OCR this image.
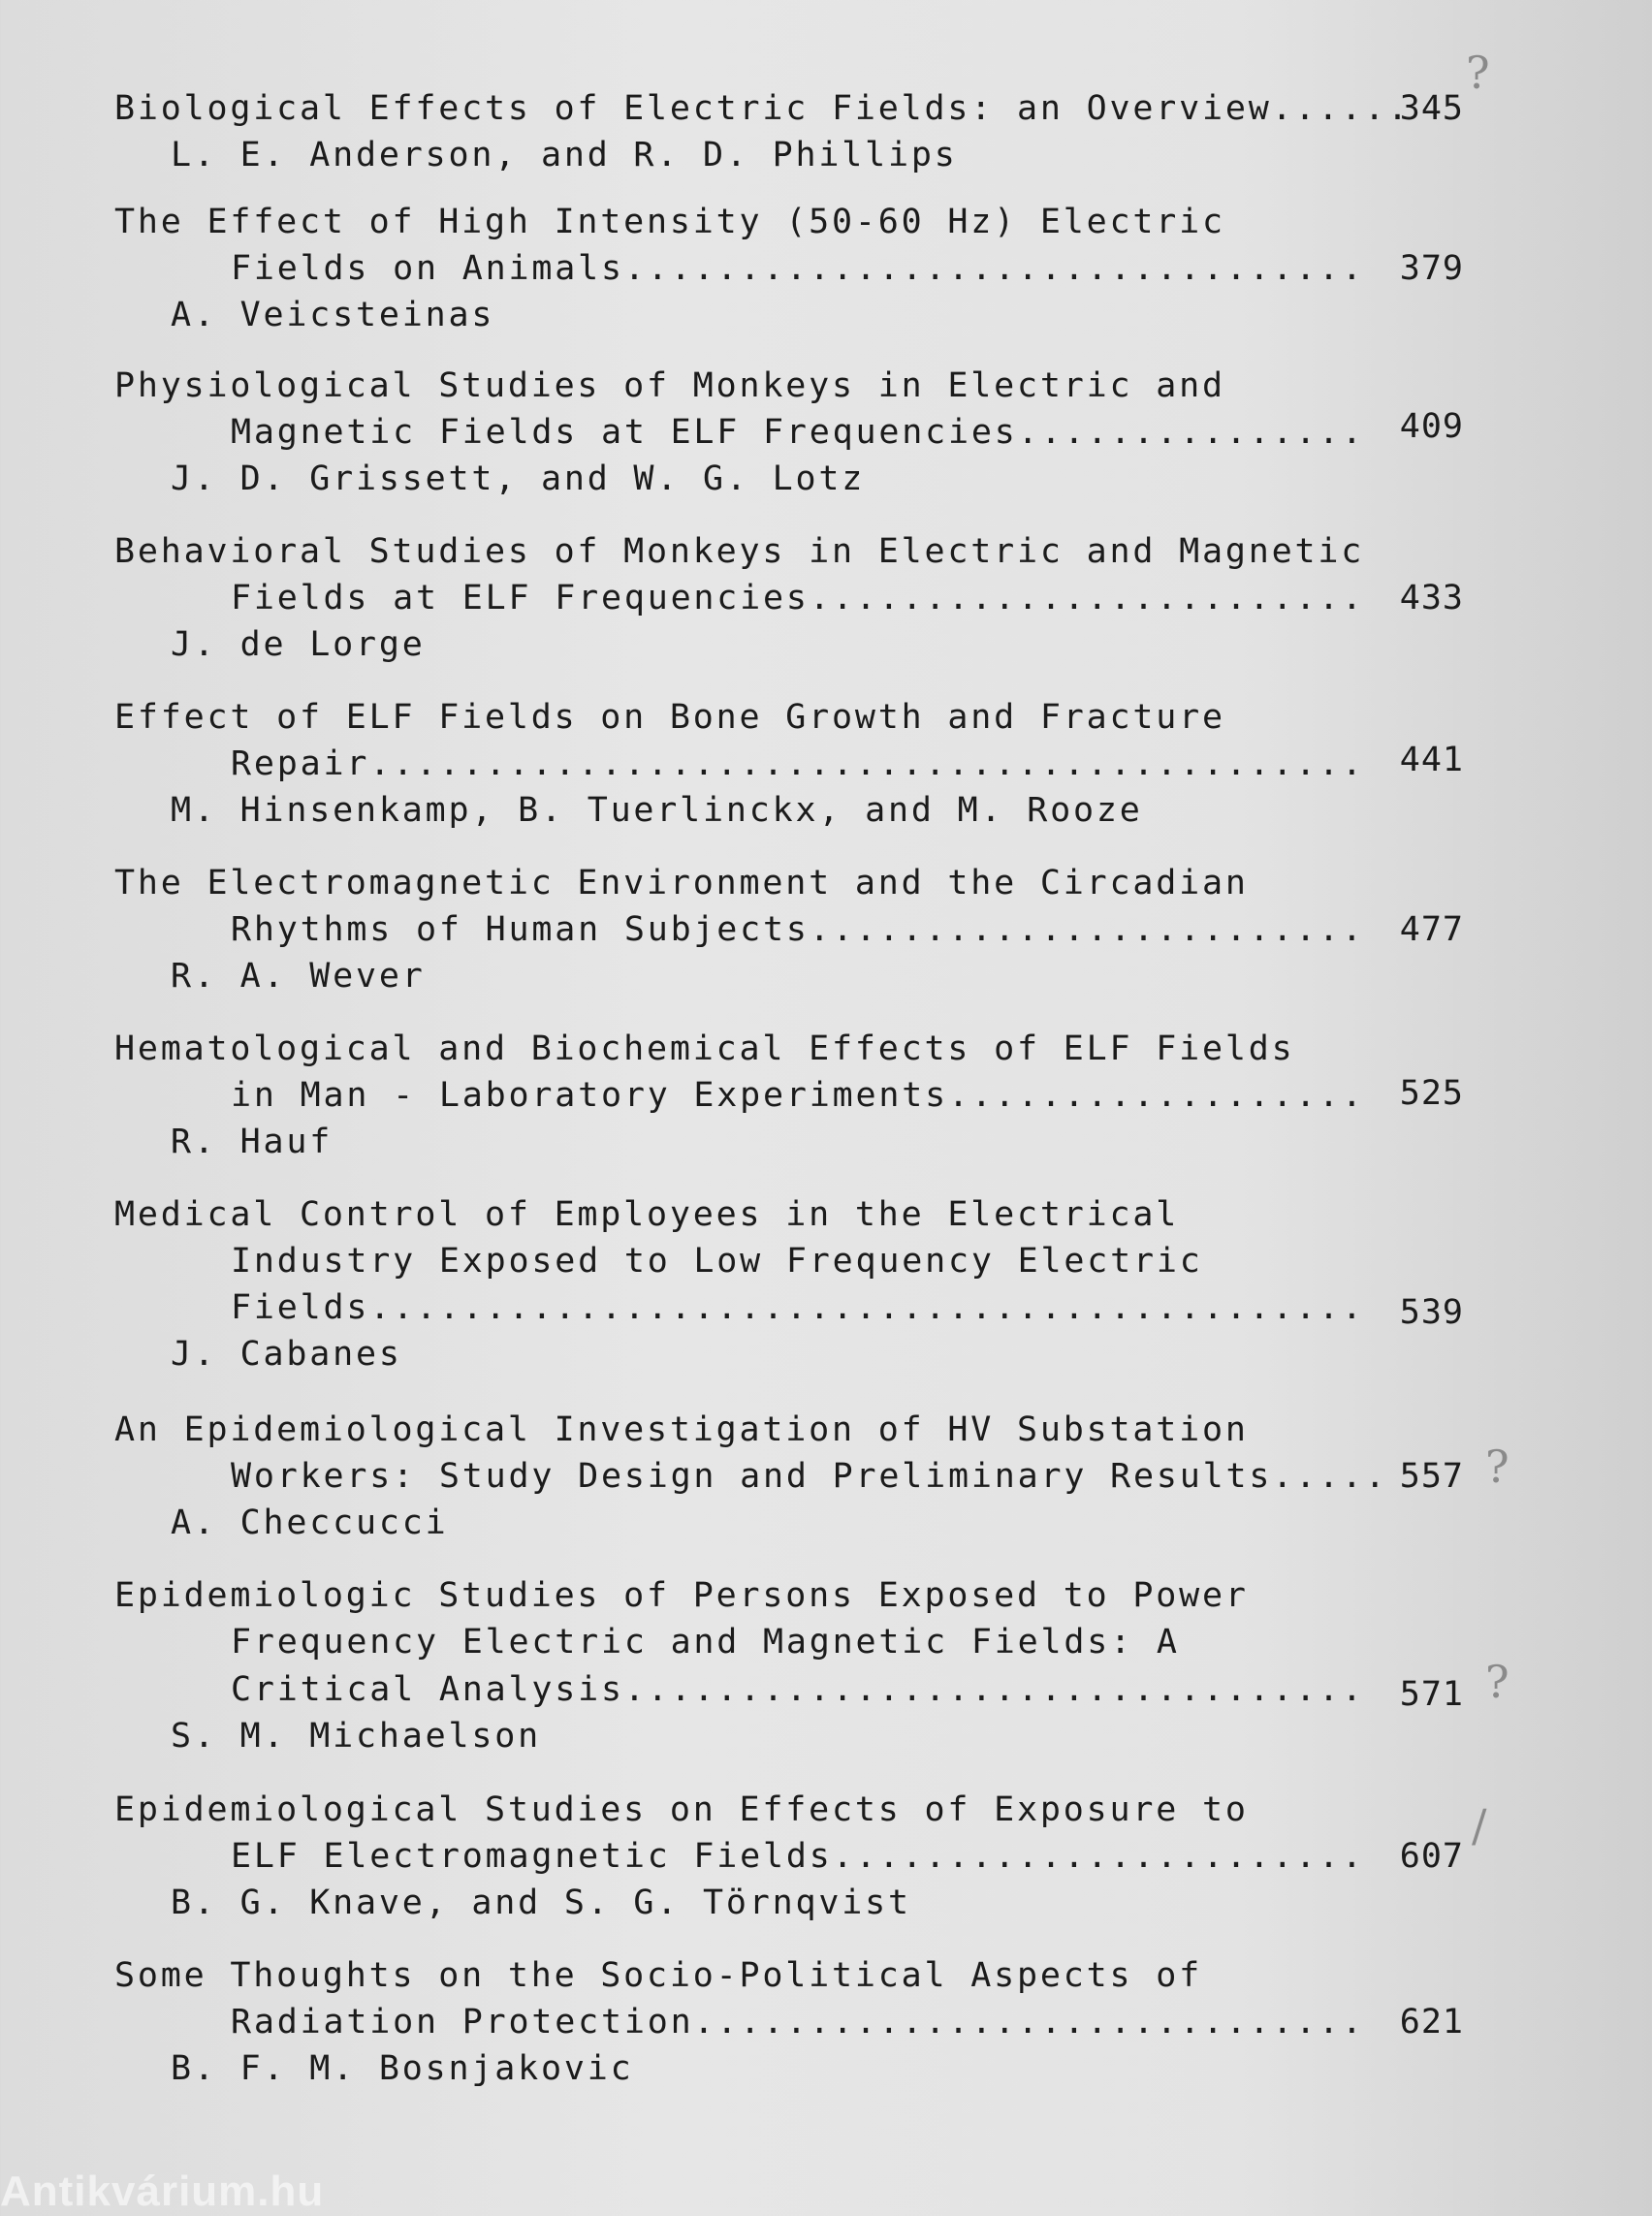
Biological Effects of Electric Fields: an Overview......
L. E. Anderson, and R. D. Phillips
345
The Effect of High Intensity (50-60 Hz) Electric
Fields on Animals................................
A. Veicsteinas
379
Physiological Studies of Monkeys in Electric and
Magnetic Fields at ELF Frequencies...............
J. D. Grissett, and W. G. Lotz
409
Behavioral Studies of Monkeys in Electric and Magnetic
Fields at ELF Frequencies........................
J. de Lorge
433
Effect of ELF Fields on Bone Growth and Fracture
Repair...........................................
M. Hinsenkamp, B. Tuerlinckx, and M. Rooze
441
The Electromagnetic Environment and the Circadian
Rhythms of Human Subjects........................
R. A. Wever
477
Hematological and Biochemical Effects of ELF Fields
in Man - Laboratory Experiments..................
R. Hauf
525
Medical Control of Employees in the Electrical
Industry Exposed to Low Frequency Electric
Fields...........................................
J. Cabanes
539
An Epidemiological Investigation of HV Substation
Workers: Study Design and Preliminary Results.....
A. Checcucci
557
Epidemiologic Studies of Persons Exposed to Power
Frequency Electric and Magnetic Fields: A
Critical Analysis................................
S. M. Michaelson
571
Epidemiological Studies on Effects of Exposure to
ELF Electromagnetic Fields.......................
B. G. Knave, and S. G. Törnqvist
607
Some Thoughts on the Socio-Political Aspects of
Radiation Protection.............................
B. F. M. Bosnjakovic
621
?
?
?
/
Antikvárium.hu
